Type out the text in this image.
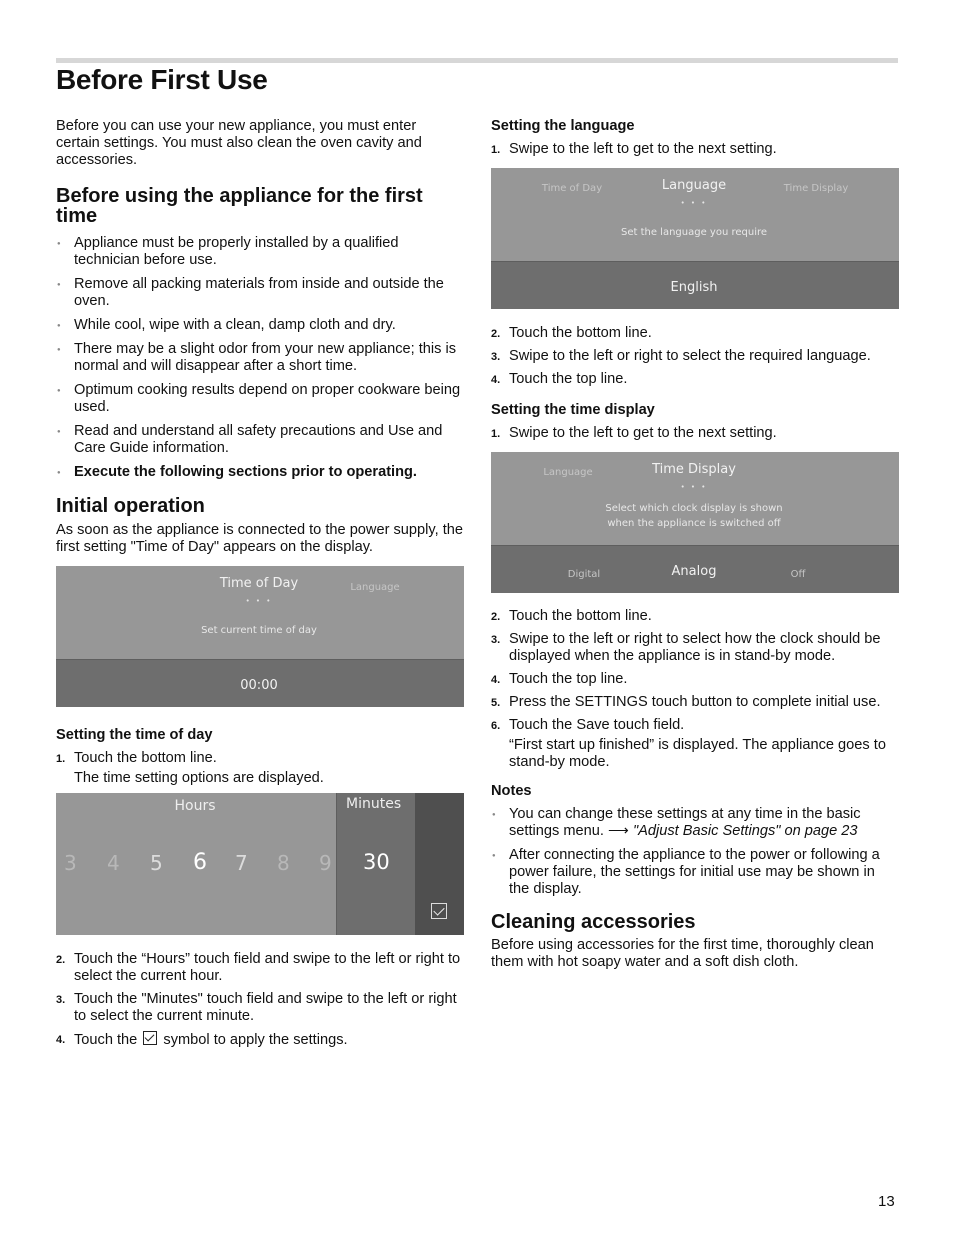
Before First Use

Before you can use your new appliance, you must enter certain settings. You must also clean the oven cavity and accessories.

Before using the appliance for the first time
● Appliance must be properly installed by a qualified technician before use.
● Remove all packing materials from inside and outside the oven.
● While cool, wipe with a clean, damp cloth and dry.
● There may be a slight odor from your new appliance; this is normal and will disappear after a short time.
● Optimum cooking results depend on proper cookware being used.
● Read and understand all safety precautions and Use and Care Guide information.
● Execute the following sections prior to operating.
Initial operation

As soon as the appliance is connected to the power supply, the first setting "Time of Day" appears on the display.

Time of Day
• • •
Language
Set current time of day
00:00
Setting the time of day
1. Touch the bottom line.
The time setting options are displayed.
Hours
3 4 5 6 7 8 9
Minutes
30
2. Touch the “Hours” touch field and swipe to the left or right to select the current hour.
3. Touch the "Minutes" touch field and swipe to the left or right to select the current minute.
4. Touch the symbol to apply the settings.
Setting the language
1. Swipe to the left to get to the next setting.
Time of Day	Language
• • •
Time Display
Set the language you require
English
2. Touch the bottom line.
3. Swipe to the left or right to select the required language.
4. Touch the top line.
Setting the time display
1. Swipe to the left to get to the next setting.
Language	Time Display
• • •
Select which clock display is shown
when the appliance is switched off
Digital	Analog	Off
2. Touch the bottom line.
3. Swipe to the left or right to select how the clock should be displayed when the appliance is in stand-by mode.
4. Touch the top line.
5. Press the SETTINGS touch button to complete initial use.
6. Touch the Save touch field.
“First start up finished” is displayed. The appliance goes to stand-by mode.
Notes
● You can change these settings at any time in the basic settings menu. ⟶ "Adjust Basic Settings" on page 23
● After connecting the appliance to the power or following a power failure, the settings for initial use may be shown in the display.
Cleaning accessories

Before using accessories for the first time, thoroughly clean them with hot soapy water and a soft dish cloth.

13
